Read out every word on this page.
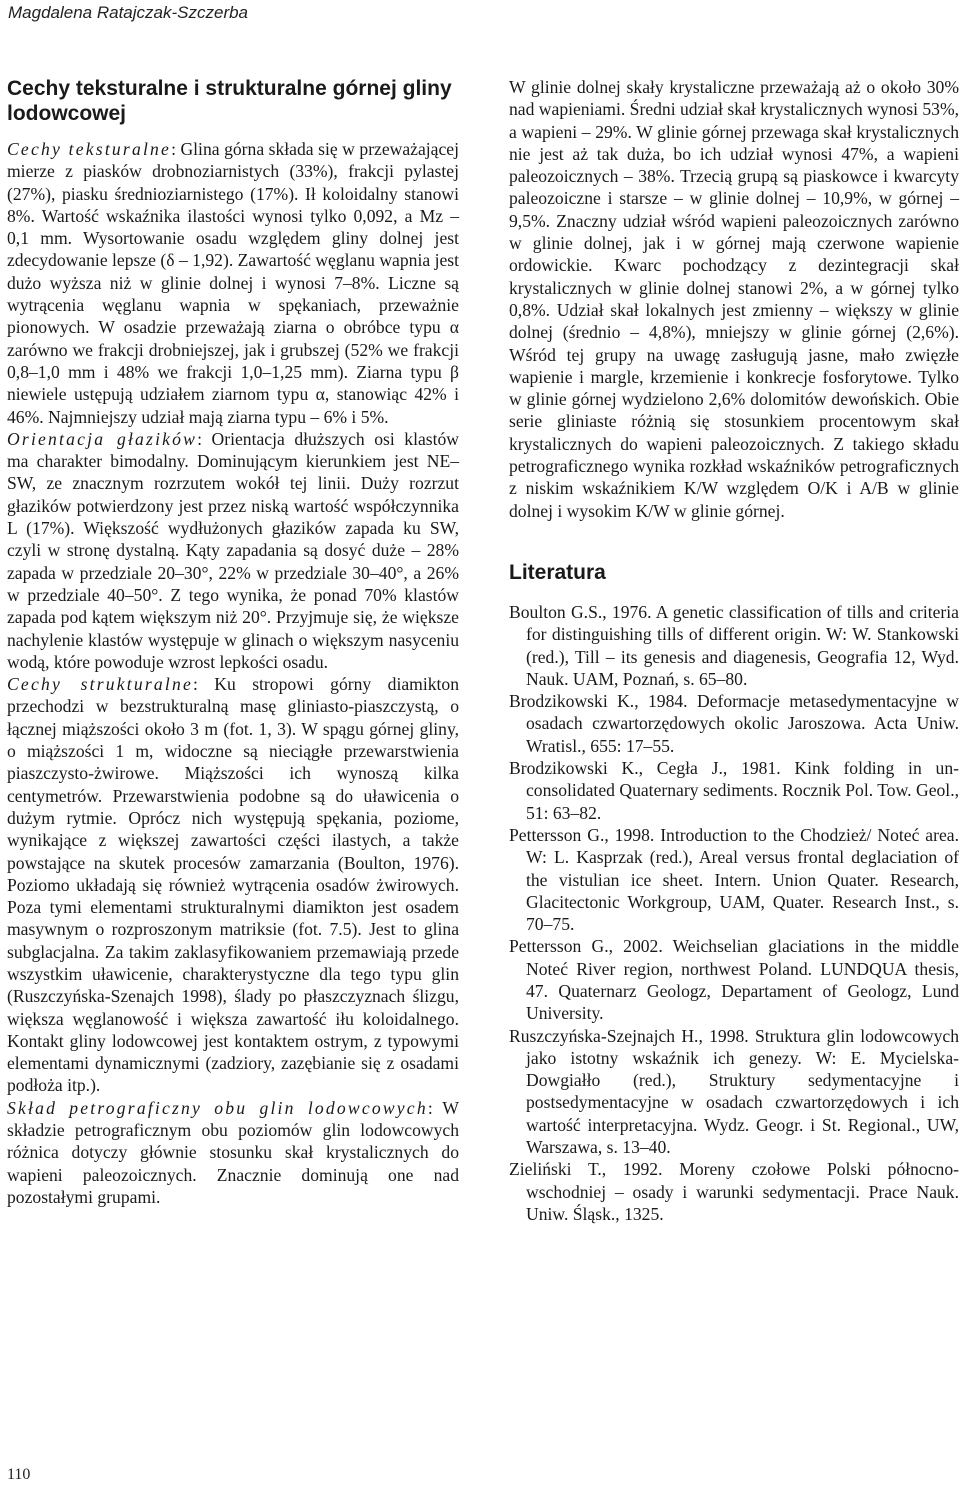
Magdalena Ratajczak-Szczerba
Cechy teksturalne i strukturalne górnej gliny lodowcowej

Cechy teksturalne: Glina górna składa się w przeważającej mierze z piasków drobnoziarnistych (33%), frakcji pylastej (27%), piasku średnioziarnistego (17%). Ił koloidalny stanowi 8%. Wartość wskaźnika ilastości wynosi tylko 0,092, a Mz – 0,1 mm. Wysortowanie osadu względem gliny dolnej jest zdecydowanie lepsze (δ – 1,92). Zawartość węglanu wapnia jest dużo wyższa niż w glinie dolnej i wynosi 7–8%. Liczne są wytrącenia węglanu wapnia w spękaniach, przeważnie pionowych. W osadzie przeważają ziarna o obróbce typu α zarówno we frakcji drobniejszej, jak i grubszej (52% we frakcji 0,8–1,0 mm i 48% we frakcji 1,0–1,25 mm). Ziarna typu β niewiele ustępują udziałem ziarnom typu α, stanowiąc 42% i 46%. Najmniejszy udział mają ziarna typu – 6% i 5%.

Orientacja głazików: Orientacja dłuższych osi klastów ma charakter bimodalny. Dominującym kierunkiem jest NE–SW, ze znacznym rozrzutem wokół tej linii. Duży rozrzut głazików potwierdzony jest przez niską wartość współczynnika L (17%). Większość wydłużonych głazików zapada ku SW, czyli w stronę dystalną. Kąty zapadania są dosyć duże – 28% zapada w przedziale 20–30°, 22% w przedziale 30–40°, a 26% w przedziale 40–50°. Z tego wynika, że ponad 70% klastów zapada pod kątem większym niż 20°. Przyjmuje się, że większe nachylenie klastów występuje w glinach o większym nasyceniu wodą, które powoduje wzrost lepkości osadu.

Cechy strukturalne: Ku stropowi górny diamikton przechodzi w bezstrukturalną masę gliniasto-piaszczystą, o łącznej miąższości około 3 m (fot. 1, 3). W spągu górnej gliny, o miąższości 1 m, widoczne są nieciągłe przewarstwienia piaszczysto-żwirowe. Miąższości ich wynoszą kilka centymetrów. Przewarstwienia podobne są do uławicenia o dużym rytmie. Oprócz nich występują spękania, poziome, wynikające z większej zawartości części ilastych, a także powstające na skutek procesów zamarzania (Boulton, 1976). Poziomo układają się również wytrącenia osadów żwirowych. Poza tymi elementami strukturalnymi diamikton jest osadem masywnym o rozproszonym matriksie (fot. 7.5). Jest to glina subglacjalna. Za takim zaklasyfikowaniem przemawiają przede wszystkim uławicenie, charakterystyczne dla tego typu glin (Ruszczyńska-Szenajch 1998), ślady po płaszczyznach ślizgu, większa węglanowość i większa zawartość iłu koloidalnego. Kontakt gliny lodowcowej jest kontaktem ostrym, z typowymi elementami dynamicznymi (zadziory, zazębianie się z osadami podłoża itp.).

Skład petrograficzny obu glin lodowcowych: W składzie petrograficznym obu poziomów glin lodowcowych różnica dotyczy głównie stosunku skał krystalicznych do wapieni paleozoicznych. Znacznie dominują one nad pozostałymi grupami.

W glinie dolnej skały krystaliczne przeważają aż o około 30% nad wapieniami. Średni udział skał krystalicznych wynosi 53%, a wapieni – 29%. W glinie górnej przewaga skał krystalicznych nie jest aż tak duża, bo ich udział wynosi 47%, a wapieni paleozoicznych – 38%. Trzecią grupą są piaskowce i kwarcyty paleozoiczne i starsze – w glinie dolnej – 10,9%, w górnej – 9,5%. Znaczny udział wśród wapieni paleozoicznych zarówno w glinie dolnej, jak i w górnej mają czerwone wapienie ordowickie. Kwarc pochodzący z dezintegracji skał krystalicznych w glinie dolnej stanowi 2%, a w górnej tylko 0,8%. Udział skał lokalnych jest zmienny – większy w glinie dolnej (średnio – 4,8%), mniejszy w glinie górnej (2,6%). Wśród tej grupy na uwagę zasługują jasne, mało zwięzłe wapienie i margle, krzemienie i konkrecje fosforytowe. Tylko w glinie górnej wydzielono 2,6% dolomitów dewońskich. Obie serie gliniaste różnią się stosunkiem procentowym skał krystalicznych do wapieni paleozoicznych. Z takiego składu petrograficznego wynika rozkład wskaźników petrograficznych z niskim wskaźnikiem K/W względem O/K i A/B w glinie dolnej i wysokim K/W w glinie górnej.

Literatura

Boulton G.S., 1976. A genetic classification of tills and criteria for distinguishing tills of different origin. W: W. Stankowski (red.), Till – its genesis and diagenesis, Geografia 12, Wyd. Nauk. UAM, Poznań, s. 65–80.

Brodzikowski K., 1984. Deformacje metasedymentacyjne w osadach czwartorzędowych okolic Jaroszowa. Acta Uniw. Wratisl., 655: 17–55.

Brodzikowski K., Cegła J., 1981. Kink folding in unconsolidated Quaternary sediments. Rocznik Pol. Tow. Geol., 51: 63–82.

Pettersson G., 1998. Introduction to the Chodzież/ Noteć area. W: L. Kasprzak (red.), Areal versus frontal deglaciation of the vistulian ice sheet. Intern. Union Quater. Research, Glacitectonic Workgroup, UAM, Quater. Research Inst., s. 70–75.

Pettersson G., 2002. Weichselian glaciations in the middle Noteć River region, northwest Poland. LUNDQUA thesis, 47. Quaternarz Geologz, Departament of Geologz, Lund University.

Ruszczyńska-Szejnajch H., 1998. Struktura glin lodowcowych jako istotny wskaźnik ich genezy. W: E. Mycielska-Dowgiałło (red.), Struktury sedymentacyjne i postsedymentacyjne w osadach czwartorzędowych i ich wartość interpretacyjna. Wydz. Geogr. i St. Regional., UW, Warszawa, s. 13–40.

Zieliński T., 1992. Moreny czołowe Polski północno-wschodniej – osady i warunki sedymentacji. Prace Nauk. Uniw. Śląsk., 1325.

110
